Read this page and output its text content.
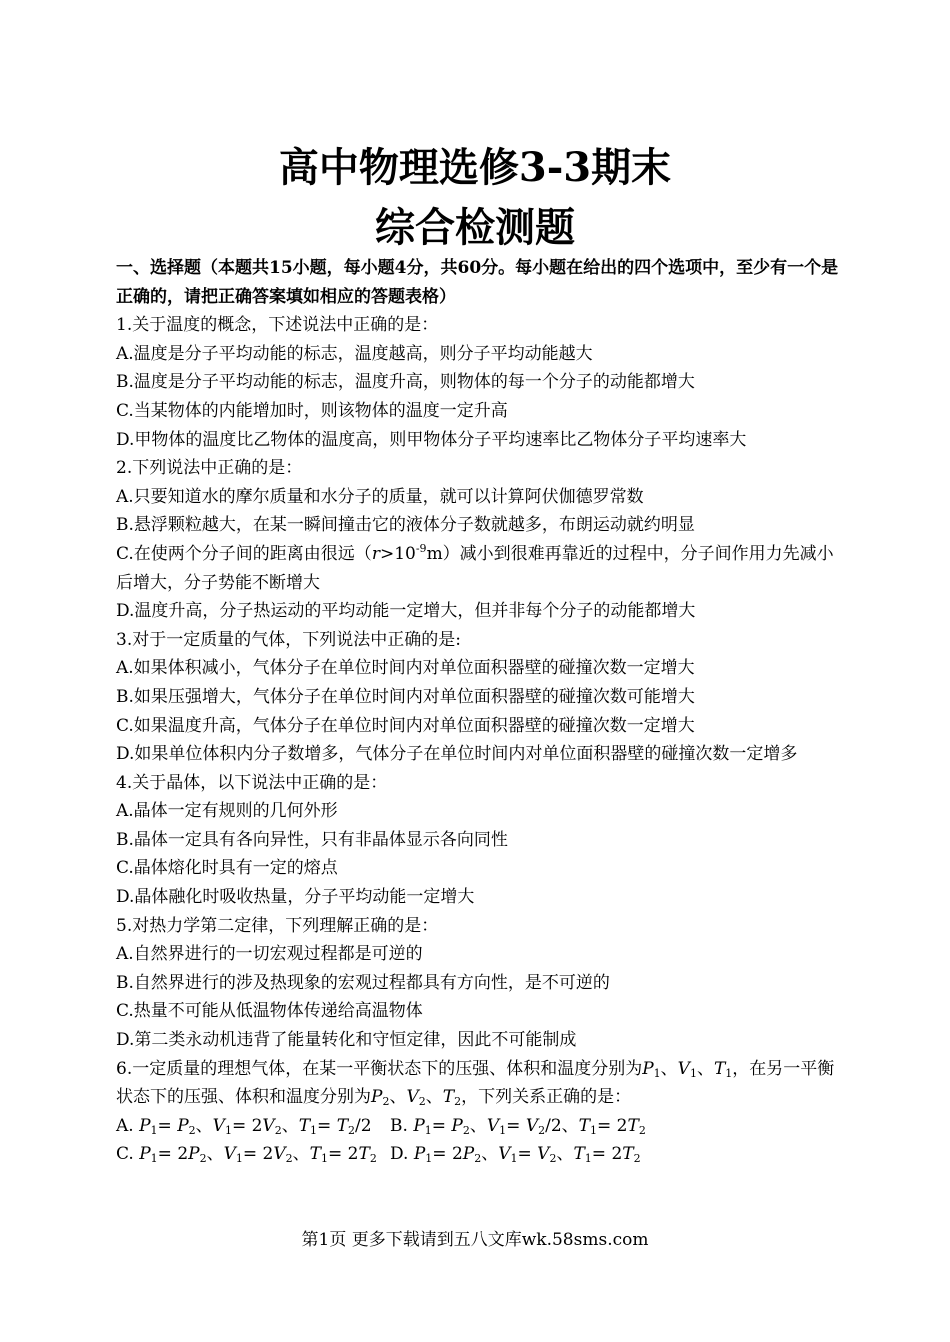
高中物理选修3-3期末
综合检测题

一、选择题（本题共15小题，每小题4分，共60分。每小题在给出的四个选项中，至少有一个是正确的，请把正确答案填如相应的答题表格）

1.关于温度的概念，下述说法中正确的是：

A.温度是分子平均动能的标志，温度越高，则分子平均动能越大

B.温度是分子平均动能的标志，温度升高，则物体的每一个分子的动能都增大

C.当某物体的内能增加时，则该物体的温度一定升高

D.甲物体的温度比乙物体的温度高，则甲物体分子平均速率比乙物体分子平均速率大

2.下列说法中正确的是：

A.只要知道水的摩尔质量和水分子的质量，就可以计算阿伏伽德罗常数

B.悬浮颗粒越大，在某一瞬间撞击它的液体分子数就越多，布朗运动就约明显

C.在使两个分子间的距离由很远$(r>10^{-9}m)$减小到很难再靠近的过程中，分子间作用力先减小后增大，分子势能不断增大

D.温度升高，分子热运动的平均动能一定增大，但并非每个分子的动能都增大

3.对于一定质量的气体，下列说法中正确的是:

A.如果体积减小，气体分子在单位时间内对单位面积器壁的碰撞次数一定增大

B.如果压强增大，气体分子在单位时间内对单位面积器壁的碰撞次数可能增大

C.如果温度升高，气体分子在单位时间内对单位面积器壁的碰撞次数一定增大

D.如果单位体积内分子数增多，气体分子在单位时间内对单位面积器壁的碰撞次数一定增多

4.关于晶体，以下说法中正确的是：

A.晶体一定有规则的几何外形

B.晶体一定具有各向异性，只有非晶体显示各向同性

C.晶体熔化时具有一定的熔点

D.晶体融化时吸收热量，分子平均动能一定增大

5.对热力学第二定律，下列理解正确的是：

A.自然界进行的一切宏观过程都是可逆的

B.自然界进行的涉及热现象的宏观过程都具有方向性，是不可逆的

C.热量不可能从低温物体传递给高温物体

D.第二类永动机违背了能量转化和守恒定律，因此不可能制成

6.一定质量的理想气体，在某一平衡状态下的压强、体积和温度分别为$P_1$、$V_1$、$T_1$，在另一平衡状态下的压强、体积和温度分别为$P_2$、$V_2$、$T_2$，下列关系正确的是：

A. $P_1= P_2$、$V_1= 2V_2$、$T_1= T_2/2$	B. $P_1= P_2$、$V_1= V_2/2$、$T_1= 2T_2$

C. $P_1= 2P_2$、$V_1= 2V_2$、$T_1= 2T_2$ D. $P_1= 2P_2$、$V_1= V_2$、$T_1= 2T_2$

第1页 更多下载请到五八文库wk.58sms.com
